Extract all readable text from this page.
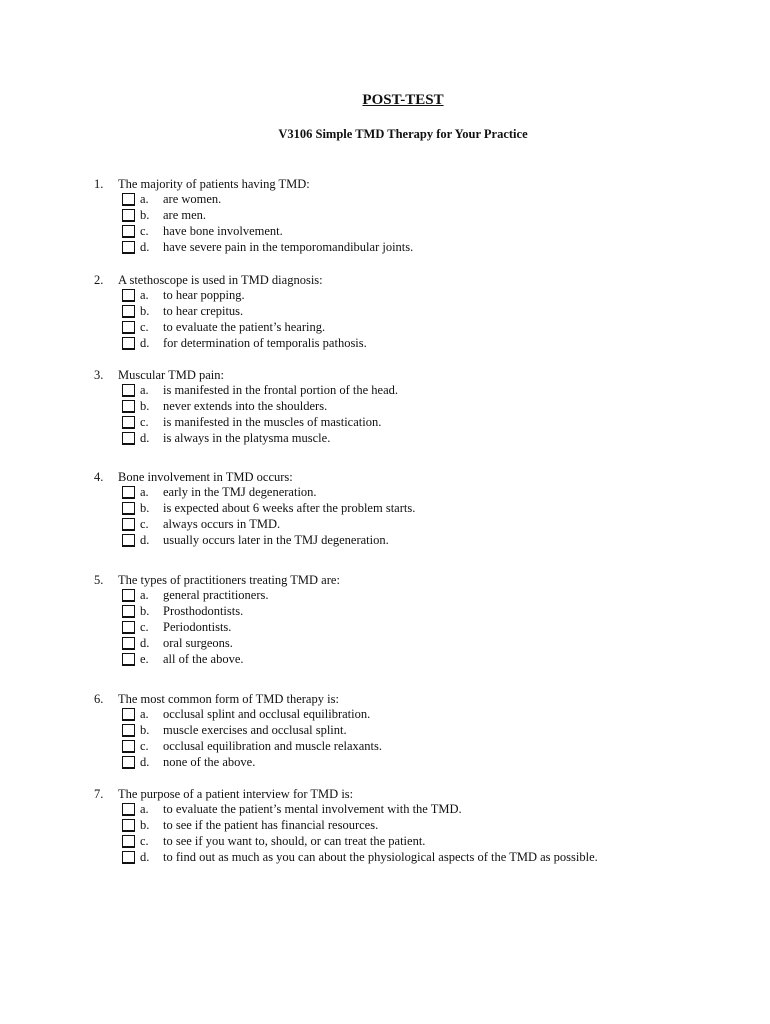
POST-TEST
V3106 Simple TMD Therapy for Your Practice
1. The majority of patients having TMD:
a. are women.
b. are men.
c. have bone involvement.
d. have severe pain in the temporomandibular joints.
2. A stethoscope is used in TMD diagnosis:
a. to hear popping.
b. to hear crepitus.
c. to evaluate the patient’s hearing.
d. for determination of temporalis pathosis.
3. Muscular TMD pain:
a. is manifested in the frontal portion of the head.
b. never extends into the shoulders.
c. is manifested in the muscles of mastication.
d. is always in the platysma muscle.
4. Bone involvement in TMD occurs:
a. early in the TMJ degeneration.
b. is expected about 6 weeks after the problem starts.
c. always occurs in TMD.
d. usually occurs later in the TMJ degeneration.
5. The types of practitioners treating TMD are:
a. general practitioners.
b. Prosthodontists.
c. Periodontists.
d. oral surgeons.
e. all of the above.
6. The most common form of TMD therapy is:
a. occlusal splint and occlusal equilibration.
b. muscle exercises and occlusal splint.
c. occlusal equilibration and muscle relaxants.
d. none of the above.
7. The purpose of a patient interview for TMD is:
a. to evaluate the patient’s mental involvement with the TMD.
b. to see if the patient has financial resources.
c. to see if you want to, should, or can treat the patient.
d. to find out as much as you can about the physiological aspects of the TMD as possible.
